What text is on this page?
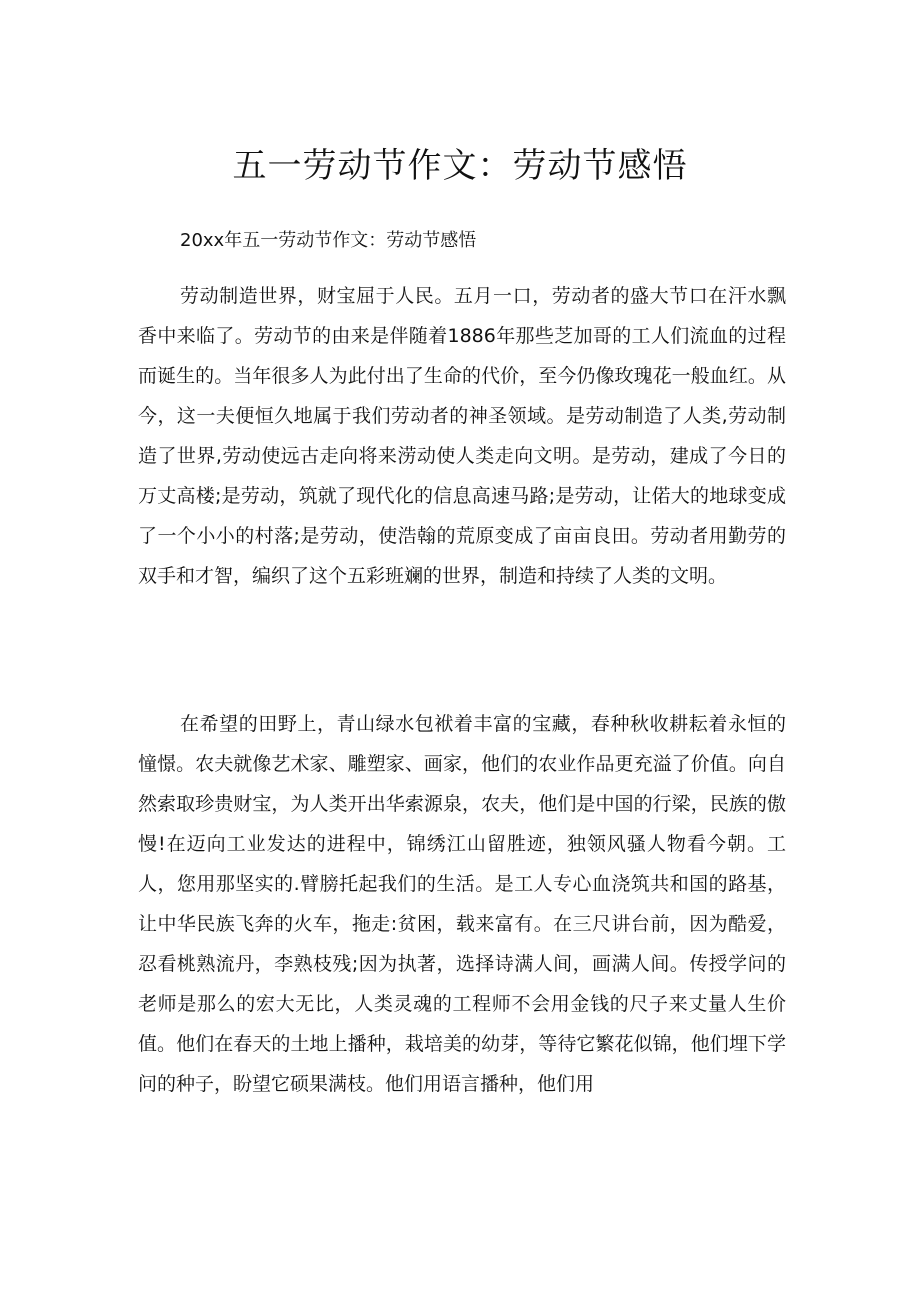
五一劳动节作文：劳动节感悟

20xx年五一劳动节作文：劳动节感悟

劳动制造世界，财宝屈于人民。五月一口，劳动者的盛大节口在汗水飘香中来临了。劳动节的由来是伴随着1886年那些芝加哥的工人们流血的过程而诞生的。当年很多人为此付出了生命的代价，至今仍像玫瑰花一般血红。从今，这一夫便恒久地属于我们劳动者的神圣领域。是劳动制造了人类,劳动制造了世界,劳动使远古走向将来涝动使人类走向文明。是劳动，建成了今日的万丈高楼;是劳动，筑就了现代化的信息高速马路;是劳动，让偌大的地球变成了一个小小的村落;是劳动，使浩翰的荒原变成了亩亩良田。劳动者用勤劳的双手和才智，编织了这个五彩班斓的世界，制造和持续了人类的文明。

在希望的田野上，青山绿水包袱着丰富的宝藏，春种秋收耕耘着永恒的憧憬。农夫就像艺术家、雕塑家、画家，他们的农业作品更充溢了价值。向自然索取珍贵财宝，为人类开出华索源泉，农夫，他们是中国的行梁，民族的傲慢!在迈向工业发达的进程中，锦绣江山留胜迹，独领风骚人物看今朝。工人，您用那坚实的.臂膀托起我们的生活。是工人专心血浇筑共和国的路基，让中华民族飞奔的火车，拖走:贫困，载来富有。在三尺讲台前，因为酷爱，忍看桃熟流丹，李熟枝残;因为执著，选择诗满人间，画满人间。传授学问的老师是那么的宏大无比，人类灵魂的工程师不会用金钱的尺子来丈量人生价值。他们在春天的土地上播种，栽培美的幼芽，等待它繁花似锦，他们埋下学问的种子，盼望它硕果满枝。他们用语言播种，他们用
